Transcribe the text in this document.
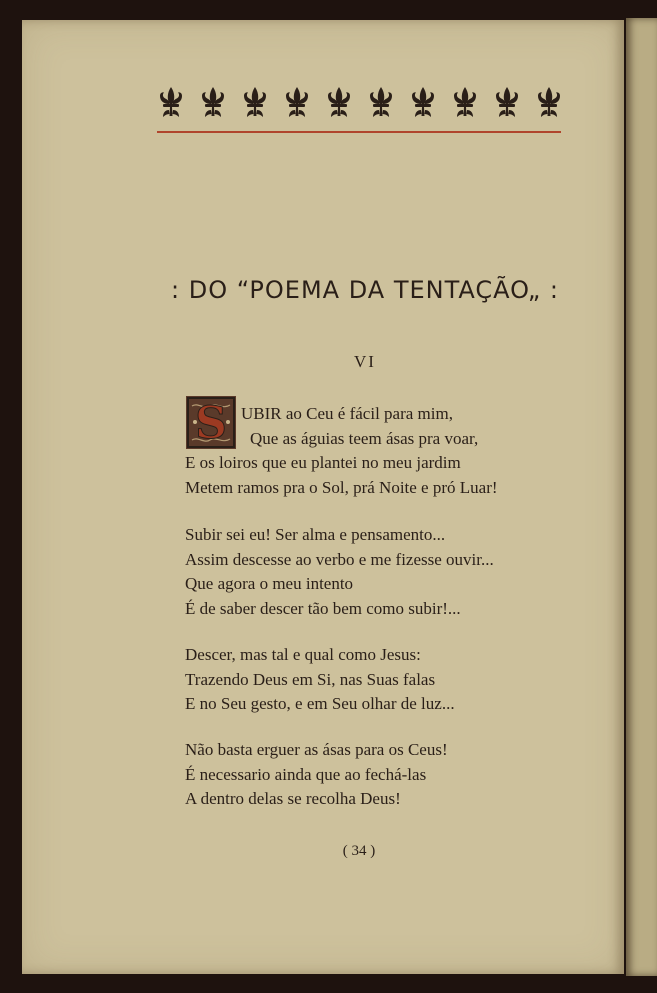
: DO “POEMA DA TENTAÇÃO„ :
VI
S UBIR ao Ceu é fácil para mim,
Que as águias teem ásas pra voar,
E os loiros que eu plantei no meu jardim
Metem ramos pra o Sol, prá Noite e pró Luar!
Subir sei eu! Ser alma e pensamento...
Assim descesse ao verbo e me fizesse ouvir...
Que agora o meu intento
É de saber descer tão bem como subir!...
Descer, mas tal e qual como Jesus:
Trazendo Deus em Si, nas Suas falas
E no Seu gesto, e em Seu olhar de luz...
Não basta erguer as ásas para os Ceus!
É necessario ainda que ao fechá-las
A dentro delas se recolha Deus!
( 34 )
